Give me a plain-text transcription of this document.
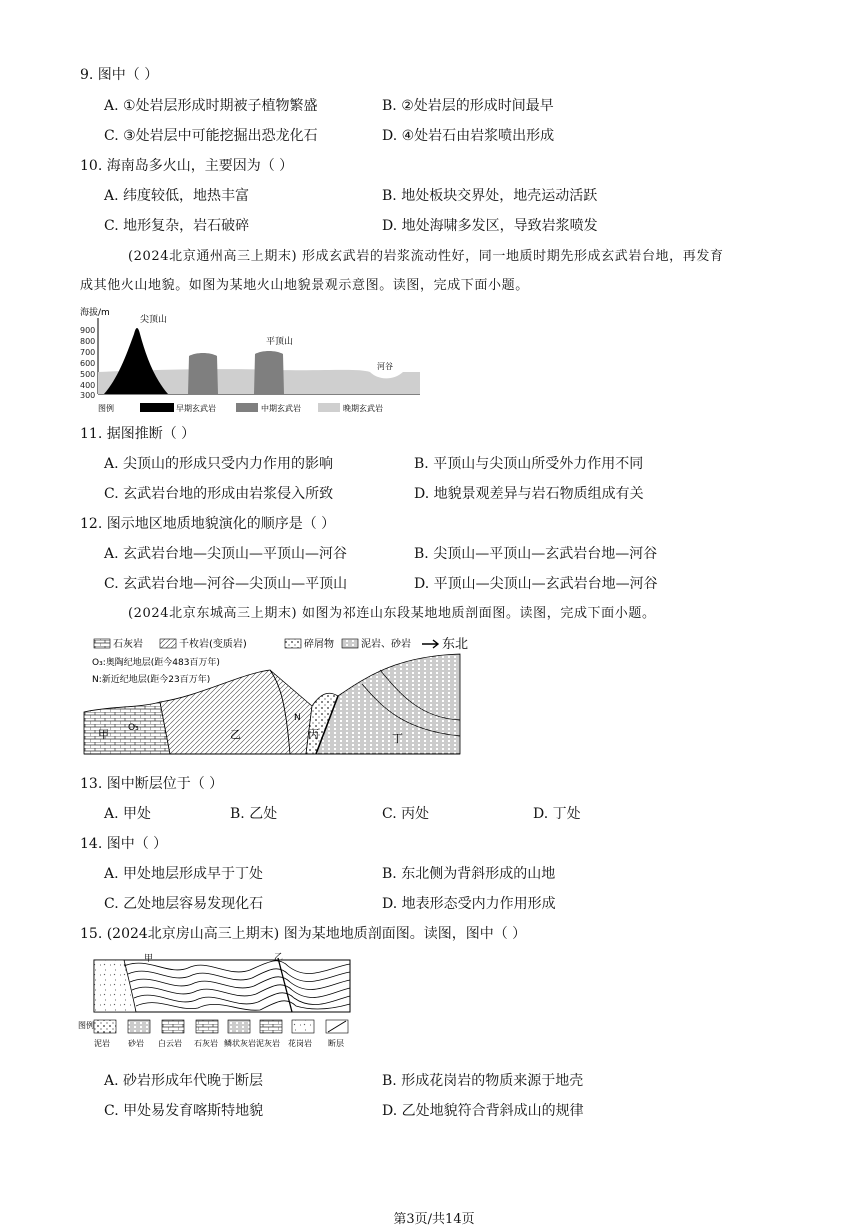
9. 图中（ ）
A. ①处岩层形成时期被子植物繁盛	B. ②处岩层的形成时间最早
C. ③处岩层中可能挖掘出恐龙化石	D. ④处岩石由岩浆喷出形成
10. 海南岛多火山，主要因为（ ）
A. 纬度较低，地热丰富	B. 地处板块交界处，地壳运动活跃
C. 地形复杂，岩石破碎	D. 地处海啸多发区，导致岩浆喷发
(2024北京通州高三上期末) 形成玄武岩的岩浆流动性好，同一地质时期先形成玄武岩台地，再发育
成其他火山地貌。如图为某地火山地貌景观示意图。读图，完成下面小题。
海拔/m
900
800
700
600
500
400
300
尖顶山
平顶山
河谷
图例	早期玄武岩	中期玄武岩	晚期玄武岩
11. 据图推断（ ）
A. 尖顶山的形成只受内力作用的影响	B. 平顶山与尖顶山所受外力作用不同
C. 玄武岩台地的形成由岩浆侵入所致	D. 地貌景观差异与岩石物质组成有关
12. 图示地区地质地貌演化的顺序是（ ）
A. 玄武岩台地—尖顶山—平顶山—河谷	B. 尖顶山—平顶山—玄武岩台地—河谷
C. 玄武岩台地—河谷—尖顶山—平顶山	D. 平顶山—尖顶山—玄武岩台地—河谷
(2024北京东城高三上期末) 如图为祁连山东段某地地质剖面图。读图，完成下面小题。
石灰岩	千枚岩(变质岩)	碎屑物	泥岩、砂岩 东北
O₃:奥陶纪地层(距今483百万年)
N:新近纪地层(距今23百万年)
甲	乙	丙	丁
N
O₃
13. 图中断层位于（ ）
A. 甲处	B. 乙处	C. 丙处	D. 丁处
14. 图中（ ）
A. 甲处地层形成早于丁处	B. 东北侧为背斜形成的山地
C. 乙处地层容易发现化石	D. 地表形态受内力作用形成
15. (2024北京房山高三上期末) 图为某地地质剖面图。读图，图中（ ）
甲	乙
图例
泥岩 砂岩 白云岩 石灰岩 鳞状灰岩 泥灰岩 花岗岩 断层
A. 砂岩形成年代晚于断层	B. 形成花岗岩的物质来源于地壳
C. 甲处易发育喀斯特地貌	D. 乙处地貌符合背斜成山的规律
第3页/共14页
